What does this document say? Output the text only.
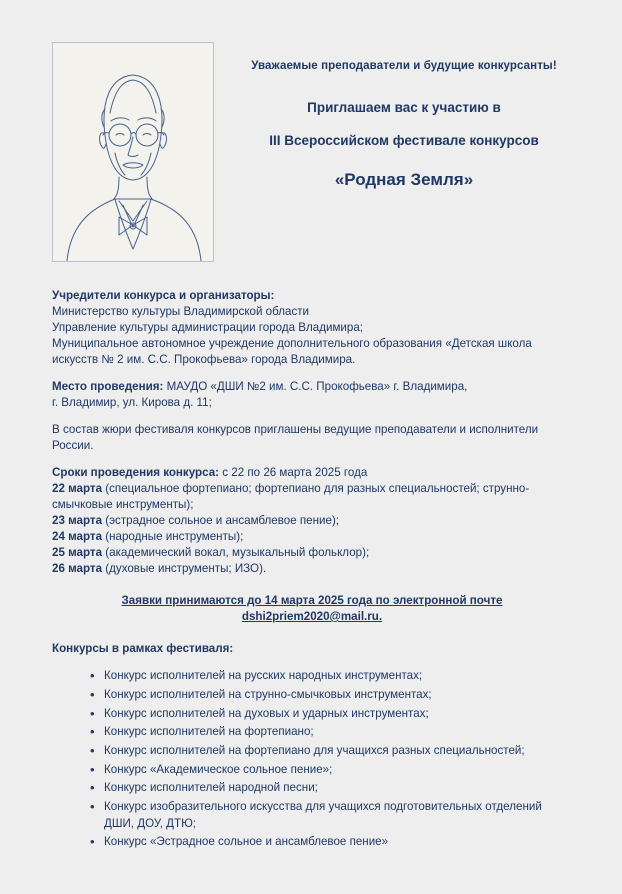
Уважаемые преподаватели и будущие конкурсанты!
Приглашаем вас к участию в
III Всероссийском фестивале конкурсов
«Родная Земля»

Учредители конкурса и организаторы:
Министерство культуры Владимирской области
Управление культуры администрации города Владимира;
Муниципальное автономное учреждение дополнительного образования «Детская школа искусств № 2 им. С.С. Прокофьева» города Владимира.

Место проведения: МАУДО «ДШИ №2 им. С.С. Прокофьева» г. Владимира,
г. Владимир, ул. Кирова д. 11;

В состав жюри фестиваля конкурсов приглашены ведущие преподаватели и исполнители России.

Сроки проведения конкурса: с 22 по 26 марта 2025 года

22 марта (специальное фортепиано; фортепиано для разных специальностей; струнно-смычковые инструменты);
23 марта (эстрадное сольное и ансамблевое пение);
24 марта (народные инструменты);
25 марта (академический вокал, музыкальный фольклор);
26 марта (духовые инструменты; ИЗО).
Заявки принимаются до 14 марта 2025 года по электронной почте
dshi2priem2020@mail.ru.

Конкурсы в рамках фестиваля:

• Конкурс исполнителей на русских народных инструментах;
• Конкурс исполнителей на струнно-смычковых инструментах;
• Конкурс исполнителей на духовых и ударных инструментах;
• Конкурс исполнителей на фортепиано;
• Конкурс исполнителей на фортепиано для учащихся разных специальностей;
• Конкурс «Академическое сольное пение»;
• Конкурс исполнителей народной песни;
• Конкурс изобразительного искусства для учащихся подготовительных отделений ДШИ, ДОУ, ДТЮ;
• Конкурс «Эстрадное сольное и ансамблевое пение»
